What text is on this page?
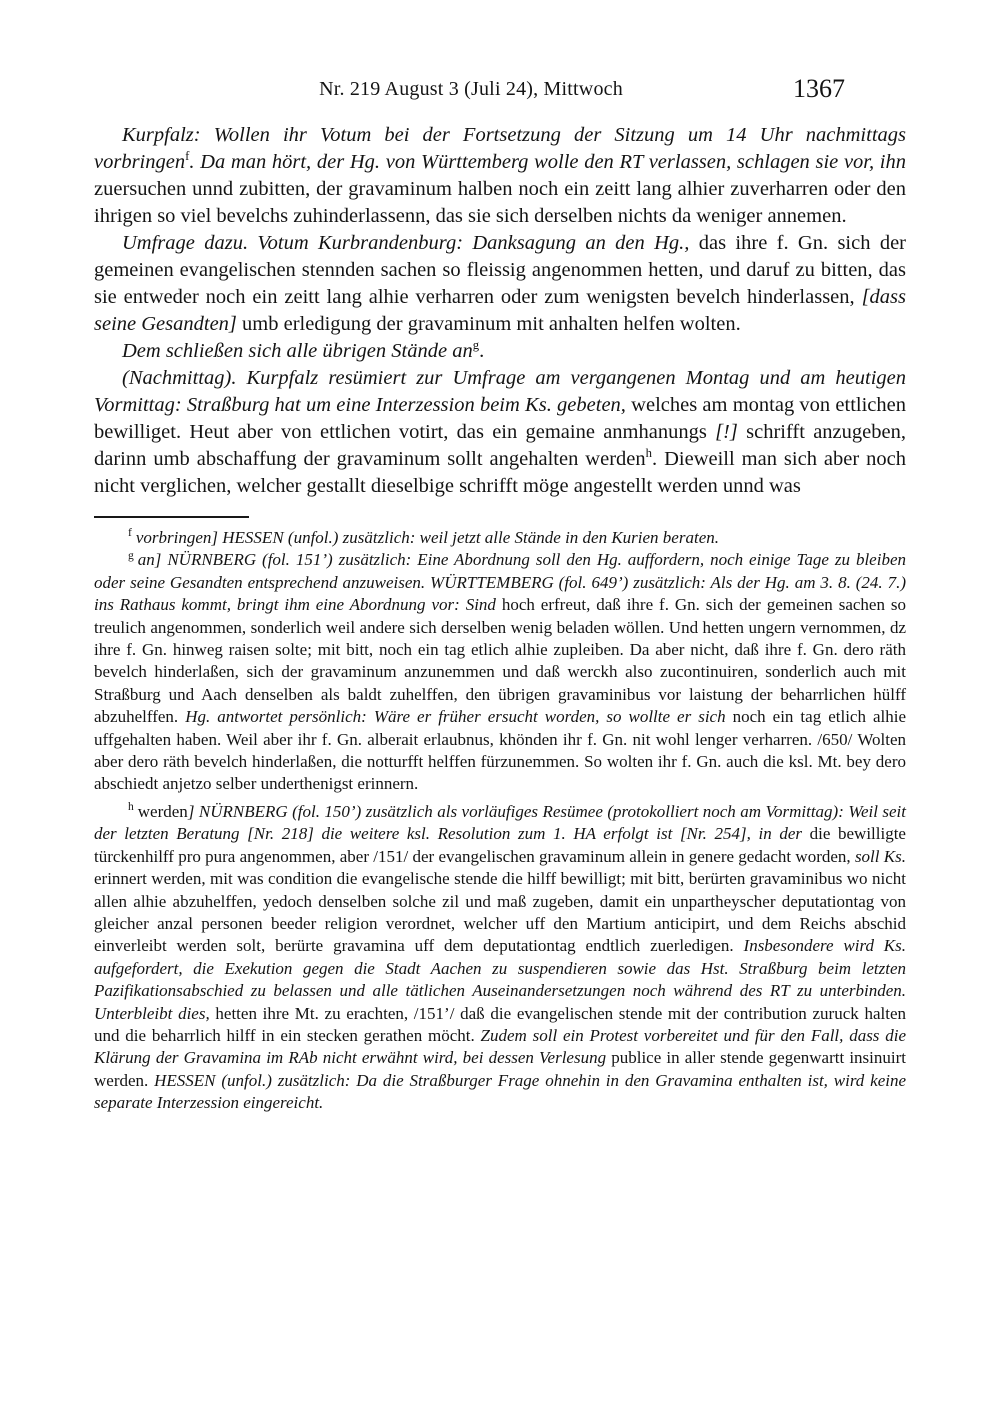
Nr. 219 August 3 (Juli 24), Mittwoch	1367

Kurpfalz: Wollen ihr Votum bei der Fortsetzung der Sitzung um 14 Uhr nachmittags vorbringen$^f$. Da man hört, der Hg. von Württemberg wolle den RT verlassen, schlagen sie vor, ihn zuersuchen unnd zubitten, der gravaminum halben noch ein zeitt lang alhier zuverharren oder den ihrigen so viel bevelchs zuhinderlassenn, das sie sich derselben nichts da weniger annemen.

Umfrage dazu. Votum Kurbrandenburg: Danksagung an den Hg., das ihre f. Gn. sich der gemeinen evangelischen stennden sachen so fleissig angenommen hetten, und daruf zu bitten, das sie entweder noch ein zeitt lang alhie verharren oder zum wenigsten bevelch hinderlassen, [dass seine Gesandten] umb erledigung der gravaminum mit anhalten helfen wolten.

Dem schließen sich alle übrigen Stände $an^g$.

(Nachmittag). Kurpfalz resümiert zur Umfrage am vergangenen Montag und am heutigen Vormittag: Straßburg hat um eine Interzession beim Ks. gebeten, welches am montag von ettlichen bewilliget. Heut aber von ettlichen votirt, das ein gemaine anmhanungs [!] schrifft anzugeben, darinn umb abschaffung der gravaminum sollt angehalten werden$^h$. Dieweill man sich aber noch nicht verglichen, welcher gestallt dieselbige schrifft möge angestellt werden unnd was

$^f$ vorbringen] HESSEN (unfol.) zusätzlich: weil jetzt alle Stände in den Kurien beraten.

$^g$ an] NÜRNBERG (fol. 151’) zusätzlich: Eine Abordnung soll den Hg. auffordern, noch einige Tage zu bleiben oder seine Gesandten entsprechend anzuweisen. WÜRTTEMBERG (fol. 649’) zusätzlich: Als der Hg. am 3. 8. (24. 7.) ins Rathaus kommt, bringt ihm eine Abordnung vor: Sind hoch erfreut, daß ihre f. Gn. sich der gemeinen sachen so treulich angenommen, sonderlich weil andere sich derselben wenig beladen wöllen. Und hetten ungern vernommen, dz ihre f. Gn. hinweg raisen solte; mit bitt, noch ein tag etlich alhie zupleiben. Da aber nicht, daß ihre f. Gn. dero räth bevelch hinderlaßen, sich der gravaminum anzunemmen und daß werckh also zucontinuiren, sonderlich auch mit Straßburg und Aach denselben als baldt zuhelffen, den übrigen gravaminibus vor laistung der beharrlichen hülff abzuhelffen. Hg. antwortet persönlich: Wäre er früher ersucht worden, so wollte er sich noch ein tag etlich alhie uffgehalten haben. Weil aber ihr f. Gn. alberait erlaubnus, khönden ihr f. Gn. nit wohl lenger verharren. /650/ Wolten aber dero räth bevelch hinderlaßen, die notturfft helffen fürzunemmen. So wolten ihr f. Gn. auch die ksl. Mt. bey dero abschiedt anjetzo selber underthenigst erinnern.

$^h$ werden] NÜRNBERG (fol. 150’) zusätzlich als vorläufiges Resümee (protokolliert noch am Vormittag): Weil seit der letzten Beratung [Nr. 218] die weitere ksl. Resolution zum 1. HA erfolgt ist [Nr. 254], in der die bewilligte türckenhilff pro pura angenommen, aber /151/ der evangelischen gravaminum allein in genere gedacht worden, soll Ks. erinnert werden, mit was condition die evangelische stende die hilff bewilligt; mit bitt, berürten gravaminibus wo nicht allen alhie abzuhelffen, yedoch denselben solche zil und maß zugeben, damit ein unpartheyscher deputationtag von gleicher anzal personen beeder religion verordnet, welcher uff den Martium anticipirt, und dem Reichs abschid einverleibt werden solt, berürte gravamina uff dem deputationtag endtlich zuerledigen. Insbesondere wird Ks. aufgefordert, die Exekution gegen die Stadt Aachen zu suspendieren sowie das Hst. Straßburg beim letzten Pazifikationsabschied zu belassen und alle tätlichen Auseinandersetzungen noch während des RT zu unterbinden. Unterbleibt dies, hetten ihre Mt. zu erachten, /151’/ daß die evangelischen stende mit der contribution zuruck halten und die beharrlich hilff in ein stecken gerathen möcht. Zudem soll ein Protest vorbereitet und für den Fall, dass die Klärung der Gravamina im RAb nicht erwähnt wird, bei dessen Verlesung publice in aller stende gegenwartt insinuirt werden. HESSEN (unfol.) zusätzlich: Da die Straßburger Frage ohnehin in den Gravamina enthalten ist, wird keine separate Interzession eingereicht.
